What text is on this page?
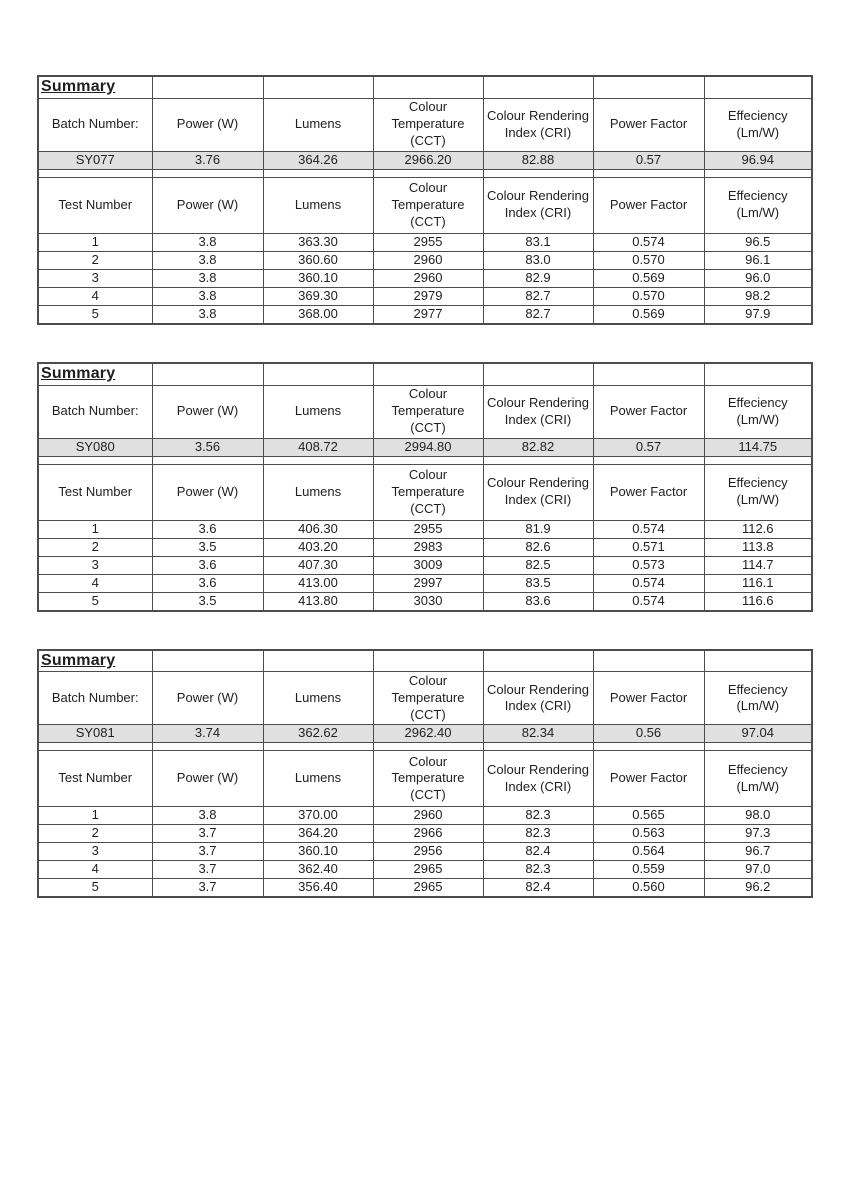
Summary						
Batch Number:	Power (W)	Lumens	Colour Temperature (CCT)	Colour Rendering Index (CRI)	Power Factor	Effeciency (Lm/W)
SY077	3.76	364.26	2966.20	82.88	0.57	96.94

Test Number	Power (W)	Lumens	Colour Temperature (CCT)	Colour Rendering Index (CRI)	Power Factor	Effeciency (Lm/W)
1	3.8	363.30	2955	83.1	0.574	96.5
2	3.8	360.60	2960	83.0	0.570	96.1
3	3.8	360.10	2960	82.9	0.569	96.0
4	3.8	369.30	2979	82.7	0.570	98.2
5	3.8	368.00	2977	82.7	0.569	97.9
Summary						
Batch Number:	Power (W)	Lumens	Colour Temperature (CCT)	Colour Rendering Index (CRI)	Power Factor	Effeciency (Lm/W)
SY080	3.56	408.72	2994.80	82.82	0.57	114.75

Test Number	Power (W)	Lumens	Colour Temperature (CCT)	Colour Rendering Index (CRI)	Power Factor	Effeciency (Lm/W)
1	3.6	406.30	2955	81.9	0.574	112.6
2	3.5	403.20	2983	82.6	0.571	113.8
3	3.6	407.30	3009	82.5	0.573	114.7
4	3.6	413.00	2997	83.5	0.574	116.1
5	3.5	413.80	3030	83.6	0.574	116.6
Summary						
Batch Number:	Power (W)	Lumens	Colour Temperature (CCT)	Colour Rendering Index (CRI)	Power Factor	Effeciency (Lm/W)
SY081	3.74	362.62	2962.40	82.34	0.56	97.04

Test Number	Power (W)	Lumens	Colour Temperature (CCT)	Colour Rendering Index (CRI)	Power Factor	Effeciency (Lm/W)
1	3.8	370.00	2960	82.3	0.565	98.0
2	3.7	364.20	2966	82.3	0.563	97.3
3	3.7	360.10	2956	82.4	0.564	96.7
4	3.7	362.40	2965	82.3	0.559	97.0
5	3.7	356.40	2965	82.4	0.560	96.2
